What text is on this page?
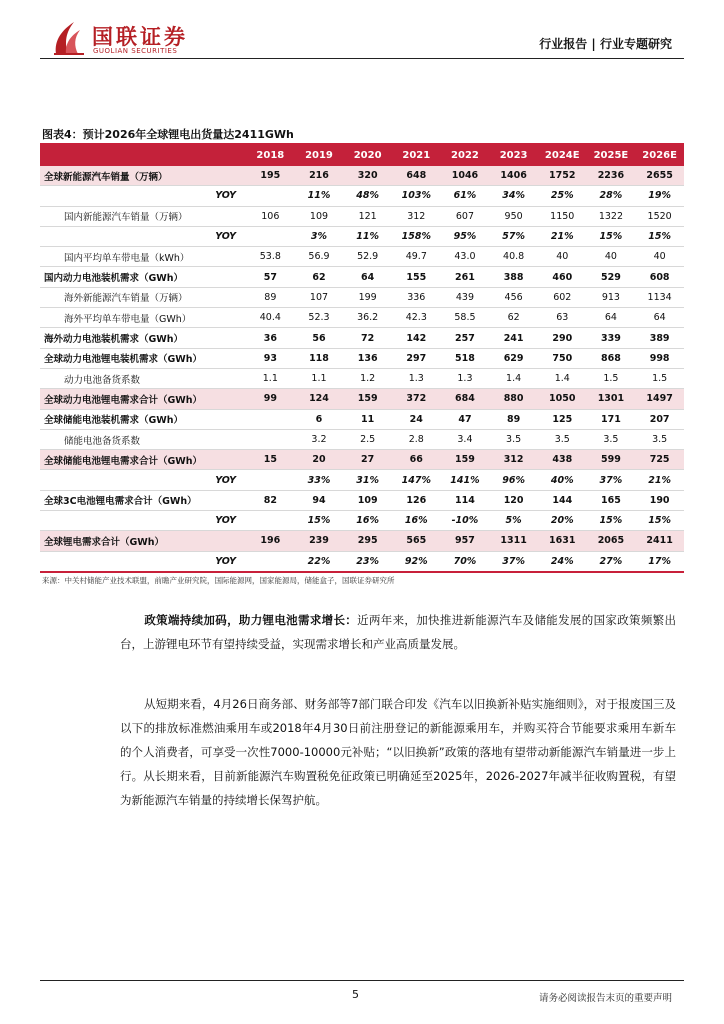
国联证券
GUOLIAN SECURITIES	行业报告 | 行业专题研究
图表4：预计2026年全球锂电出货量达2411GWh
	2018	2019	2020	2021	2022	2023	2024E	2025E	2026E
全球新能源汽车销量（万辆）	195	216	320	648	1046	1406	1752	2236	2655
YOY		11%	48%	103%	61%	34%	25%	28%	19%
国内新能源汽车销量（万辆）	106	109	121	312	607	950	1150	1322	1520
YOY		3%	11%	158%	95%	57%	21%	15%	15%
国内平均单车带电量（kWh）	53.8	56.9	52.9	49.7	43.0	40.8	40	40	40
国内动力电池装机需求（GWh）	57	62	64	155	261	388	460	529	608
海外新能源汽车销量（万辆）	89	107	199	336	439	456	602	913	1134
海外平均单车带电量（GWh）	40.4	52.3	36.2	42.3	58.5	62	63	64	64
海外动力电池装机需求（GWh）	36	56	72	142	257	241	290	339	389
全球动力电池锂电装机需求（GWh）	93	118	136	297	518	629	750	868	998
动力电池备货系数	1.1	1.1	1.2	1.3	1.3	1.4	1.4	1.5	1.5
全球动力电池锂电需求合计（GWh）	99	124	159	372	684	880	1050	1301	1497
全球储能电池装机需求（GWh）		6	11	24	47	89	125	171	207
储能电池备货系数		3.2	2.5	2.8	3.4	3.5	3.5	3.5	3.5
全球储能电池锂电需求合计（GWh）	15	20	27	66	159	312	438	599	725
YOY		33%	31%	147%	141%	96%	40%	37%	21%
全球3C电池锂电需求合计（GWh）	82	94	109	126	114	120	144	165	190
YOY		15%	16%	16%	-10%	5%	20%	15%	15%
全球锂电需求合计（GWh）	196	239	295	565	957	1311	1631	2065	2411
YOY		22%	23%	92%	70%	37%	24%	27%	17%
来源：中关村储能产业技术联盟，前瞻产业研究院，国际能源网，国家能源局，储能盒子，国联证券研究所
政策端持续加码，助力锂电池需求增长：近两年来，加快推进新能源汽车及储能发展的国家政策频繁出台，上游锂电环节有望持续受益，实现需求增长和产业高质量发展。
从短期来看，4月26日商务部、财务部等7部门联合印发《汽车以旧换新补贴实施细则》，对于报废国三及以下的排放标准燃油乘用车或2018年4月30日前注册登记的新能源乘用车，并购买符合节能要求乘用车新车的个人消费者，可享受一次性7000-10000元补贴；“以旧换新”政策的落地有望带动新能源汽车销量进一步上行。从长期来看，目前新能源汽车购置税免征政策已明确延至2025年，2026-2027年减半征收购置税，有望为新能源汽车销量的持续增长保驾护航。
5	请务必阅读报告末页的重要声明
